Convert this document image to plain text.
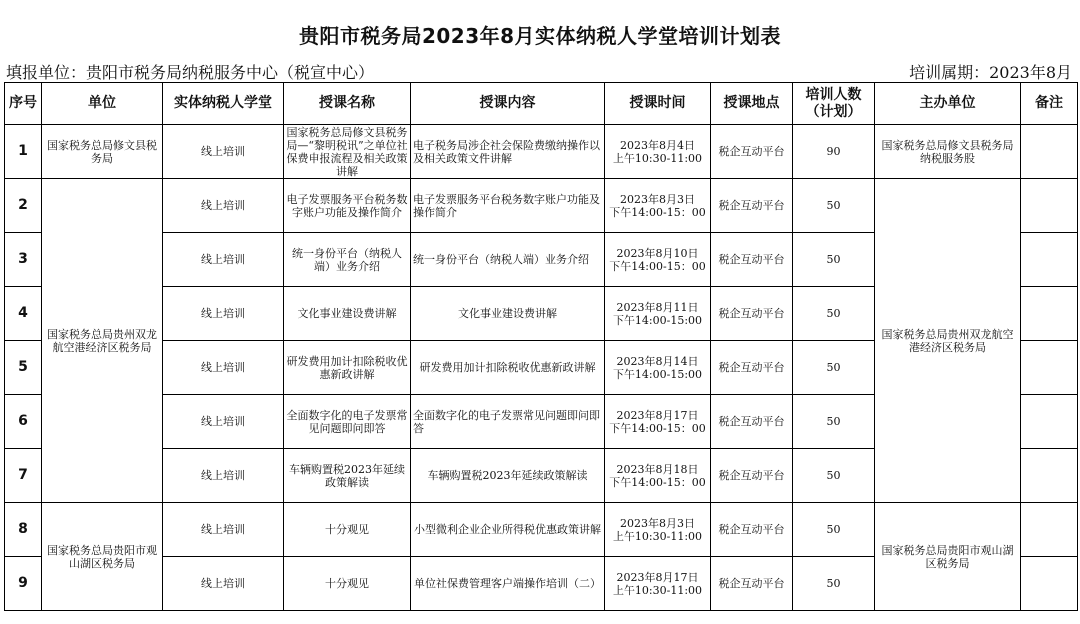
贵阳市税务局2023年8月实体纳税人学堂培训计划表
填报单位：贵阳市税务局纳税服务中心（税宣中心）	培训属期：2023年8月
序号	单位	实体纳税人学堂	授课名称	授课内容	授课时间	授课地点	培训人数（计划）	主办单位	备注
1	国家税务总局修文县税务局	线上培训	国家税务总局修文县税务局—“黎明税讯”之单位社保费申报流程及相关政策讲解	电子税务局涉企社会保险费缴纳操作以及相关政策文件讲解	2023年8月4日
上午10:30-11:00	税企互动平台	90	国家税务总局修文县税务局纳税服务股	
2	国家税务总局贵州双龙航空港经济区税务局	线上培训	电子发票服务平台税务数字账户功能及操作简介	电子发票服务平台税务数字账户功能及操作简介	2023年8月3日
下午14:00-15：00	税企互动平台	50	国家税务总局贵州双龙航空港经济区税务局	
3		线上培训	统一身份平台（纳税人端）业务介绍	统一身份平台（纳税人端）业务介绍	2023年8月10日
下午14:00-15：00	税企互动平台	50		
4		线上培训	文化事业建设费讲解	文化事业建设费讲解	2023年8月11日
下午14:00-15:00	税企互动平台	50		
5		线上培训	研发费用加计扣除税收优惠新政讲解	研发费用加计扣除税收优惠新政讲解	2023年8月14日
下午14:00-15:00	税企互动平台	50		
6		线上培训	全面数字化的电子发票常见问题即问即答	全面数字化的电子发票常见问题即问即答	2023年8月17日
下午14:00-15：00	税企互动平台	50		
7		线上培训	车辆购置税2023年延续政策解读	车辆购置税2023年延续政策解读	2023年8月18日
下午14:00-15：00	税企互动平台	50		
8	国家税务总局贵阳市观山湖区税务局	线上培训	十分观见	小型微利企业企业所得税优惠政策讲解	2023年8月3日
上午10:30-11:00	税企互动平台	50	国家税务总局贵阳市观山湖区税务局	
9		线上培训	十分观见	单位社保费管理客户端操作培训（二）	2023年8月17日
上午10:30-11:00	税企互动平台	50		
